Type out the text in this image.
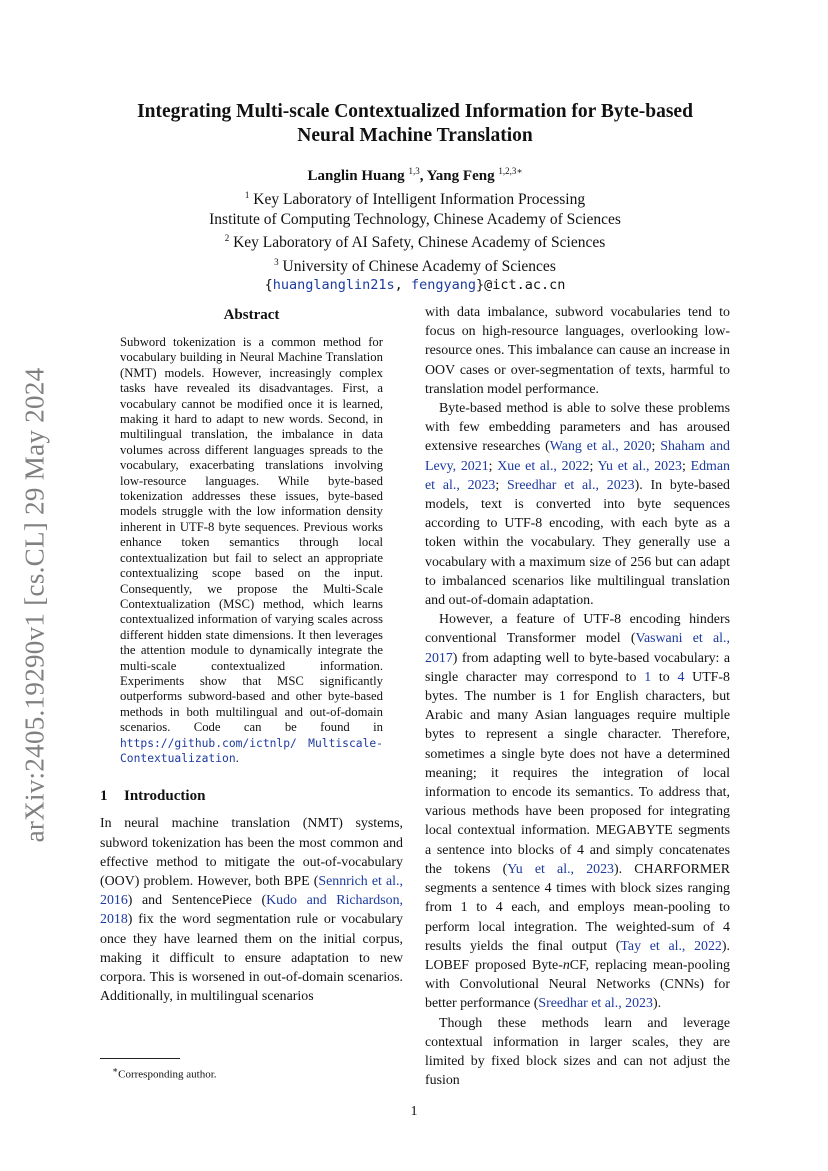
arXiv:2405.19290v1 [cs.CL] 29 May 2024
Integrating Multi-scale Contextualized Information for Byte-based
Neural Machine Translation
Langlin Huang $^{1,3}$, Yang Feng $^{1,2,3∗}$
$^1$ Key Laboratory of Intelligent Information Processing
Institute of Computing Technology, Chinese Academy of Sciences
$^2$ Key Laboratory of AI Safety, Chinese Academy of Sciences
$^3$ University of Chinese Academy of Sciences
{huanglanglin21s, fengyang}@ict.ac.cn
Abstract

Subword tokenization is a common method for vocabulary building in Neural Machine Translation (NMT) models. However, increasingly complex tasks have revealed its disadvantages. First, a vocabulary cannot be modified once it is learned, making it hard to adapt to new words. Second, in multilingual translation, the imbalance in data volumes across different languages spreads to the vocabulary, exacerbating translations involving low-resource languages. While byte-based tokenization addresses these issues, byte-based models struggle with the low information density inherent in UTF-8 byte sequences. Previous works enhance token semantics through local contextualization but fail to select an appropriate contextualizing scope based on the input. Consequently, we propose the Multi-Scale Contextualization (MSC) method, which learns contextualized information of varying scales across different hidden state dimensions. It then leverages the attention module to dynamically integrate the multi-scale contextualized information. Experiments show that MSC significantly outperforms subword-based and other byte-based methods in both multilingual and out-of-domain scenarios. Code can be found in https://github.com/ictnlp/ Multiscale-Contextualization.

1 Introduction

In neural machine translation (NMT) systems, subword tokenization has been the most common and effective method to mitigate the out-of-vocabulary (OOV) problem. However, both BPE (Sennrich et al., 2016) and SentencePiece (Kudo and Richardson, 2018) fix the word segmentation rule or vocabulary once they have learned them on the initial corpus, making it difficult to ensure adaptation to new corpora. This is worsened in out-of-domain scenarios. Additionally, in multilingual scenarios

∗Corresponding author.

with data imbalance, subword vocabularies tend to focus on high-resource languages, overlooking low-resource ones. This imbalance can cause an increase in OOV cases or over-segmentation of texts, harmful to translation model performance.

Byte-based method is able to solve these problems with few embedding parameters and has aroused extensive researches (Wang et al., 2020; Shaham and Levy, 2021; Xue et al., 2022; Yu et al., 2023; Edman et al., 2023; Sreedhar et al., 2023). In byte-based models, text is converted into byte sequences according to UTF-8 encoding, with each byte as a token within the vocabulary. They generally use a vocabulary with a maximum size of 256 but can adapt to imbalanced scenarios like multilingual translation and out-of-domain adaptation.

However, a feature of UTF-8 encoding hinders conventional Transformer model (Vaswani et al., 2017) from adapting well to byte-based vocabulary: a single character may correspond to 1 to 4 UTF-8 bytes. The number is 1 for English characters, but Arabic and many Asian languages require multiple bytes to represent a single character. Therefore, sometimes a single byte does not have a determined meaning; it requires the integration of local information to encode its semantics. To address that, various methods have been proposed for integrating local contextual information. MEGABYTE segments a sentence into blocks of 4 and simply concatenates the tokens (Yu et al., 2023). CHARFORMER segments a sentence 4 times with block sizes ranging from 1 to 4 each, and employs mean-pooling to perform local integration. The weighted-sum of 4 results yields the final output (Tay et al., 2022). LOBEF proposed Byte-nCF, replacing mean-pooling with Convolutional Neural Networks (CNNs) for better performance (Sreedhar et al., 2023).

Though these methods learn and leverage contextual information in larger scales, they are limited by fixed block sizes and can not adjust the fusion

1
